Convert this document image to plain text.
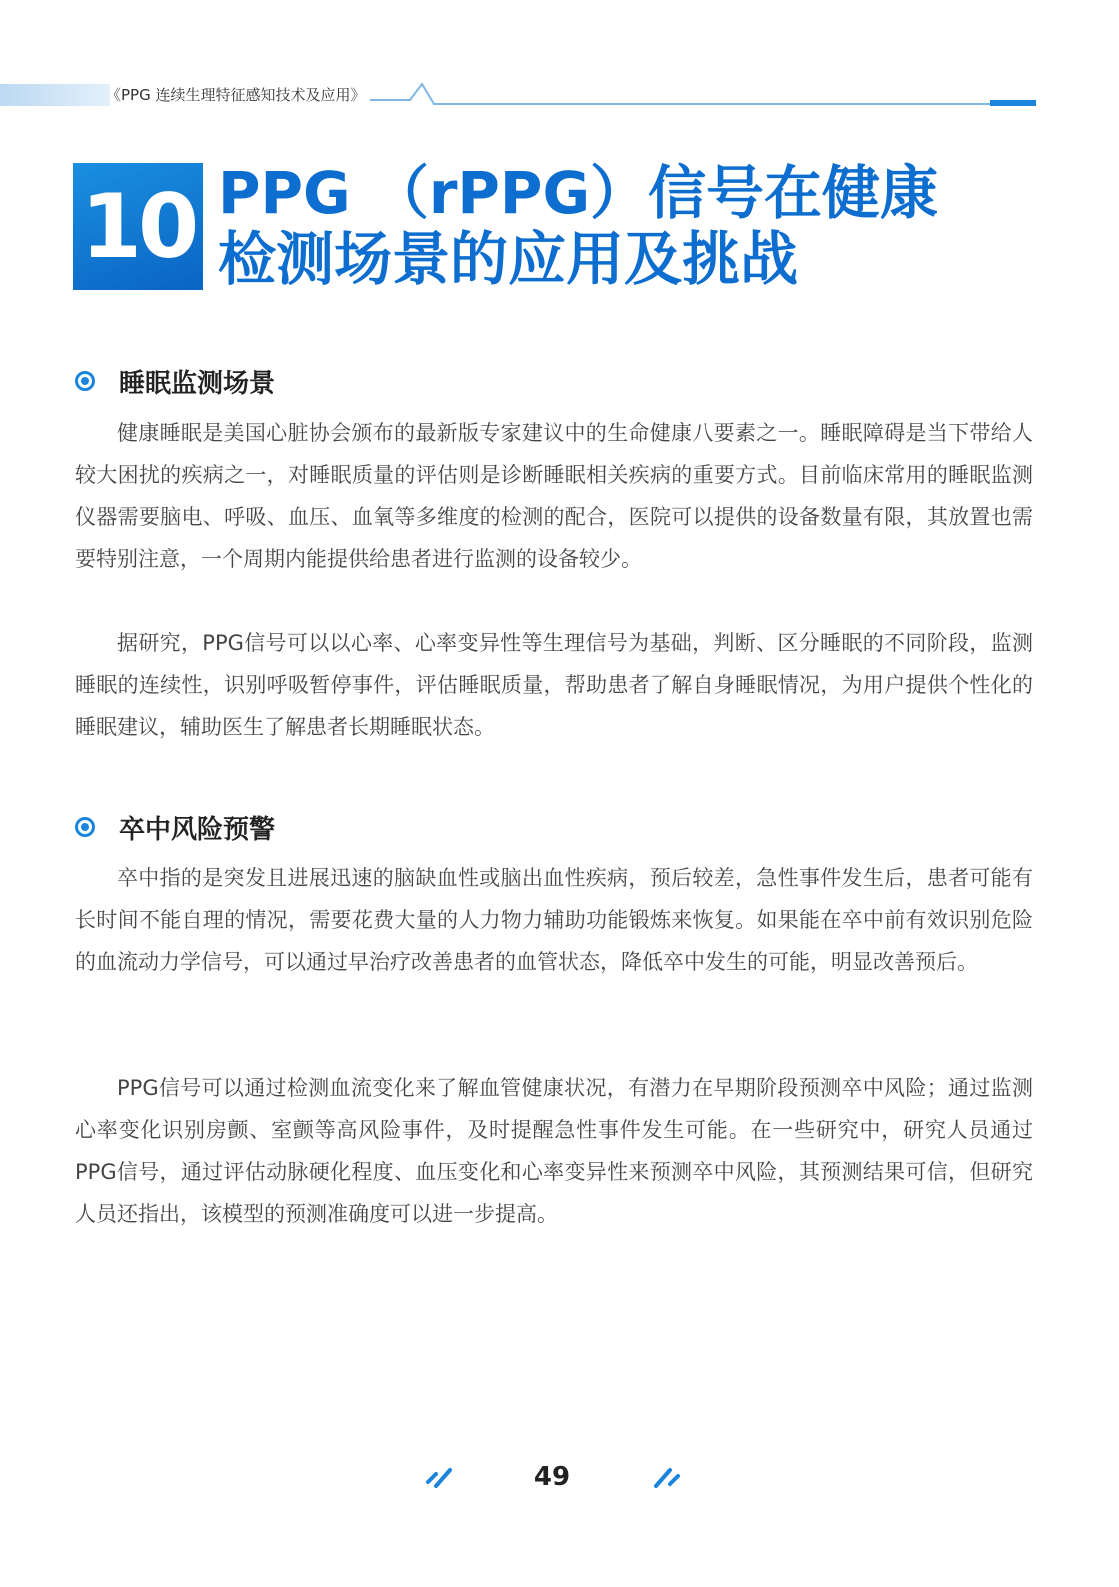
《PPG 连续生理特征感知技术及应用》
10 PPG （rPPG）信号在健康
检测场景的应用及挑战
睡眠监测场景

健康睡眠是美国心脏协会颁布的最新版专家建议中的生命健康八要素之一。睡眠障碍是当下带给人较大困扰的疾病之一，对睡眠质量的评估则是诊断睡眠相关疾病的重要方式。目前临床常用的睡眠监测仪器需要脑电、呼吸、血压、血氧等多维度的检测的配合，医院可以提供的设备数量有限，其放置也需要特别注意，一个周期内能提供给患者进行监测的设备较少。

据研究，PPG信号可以以心率、心率变异性等生理信号为基础，判断、区分睡眠的不同阶段，监测睡眠的连续性，识别呼吸暂停事件，评估睡眠质量，帮助患者了解自身睡眠情况，为用户提供个性化的睡眠建议，辅助医生了解患者长期睡眠状态。

卒中风险预警

卒中指的是突发且进展迅速的脑缺血性或脑出血性疾病，预后较差，急性事件发生后，患者可能有长时间不能自理的情况，需要花费大量的人力物力辅助功能锻炼来恢复。如果能在卒中前有效识别危险的血流动力学信号，可以通过早治疗改善患者的血管状态，降低卒中发生的可能，明显改善预后。

PPG信号可以通过检测血流变化来了解血管健康状况，有潜力在早期阶段预测卒中风险；通过监测心率变化识别房颤、室颤等高风险事件，及时提醒急性事件发生可能。在一些研究中，研究人员通过PPG信号，通过评估动脉硬化程度、血压变化和心率变异性来预测卒中风险，其预测结果可信，但研究人员还指出，该模型的预测准确度可以进一步提高。

49
